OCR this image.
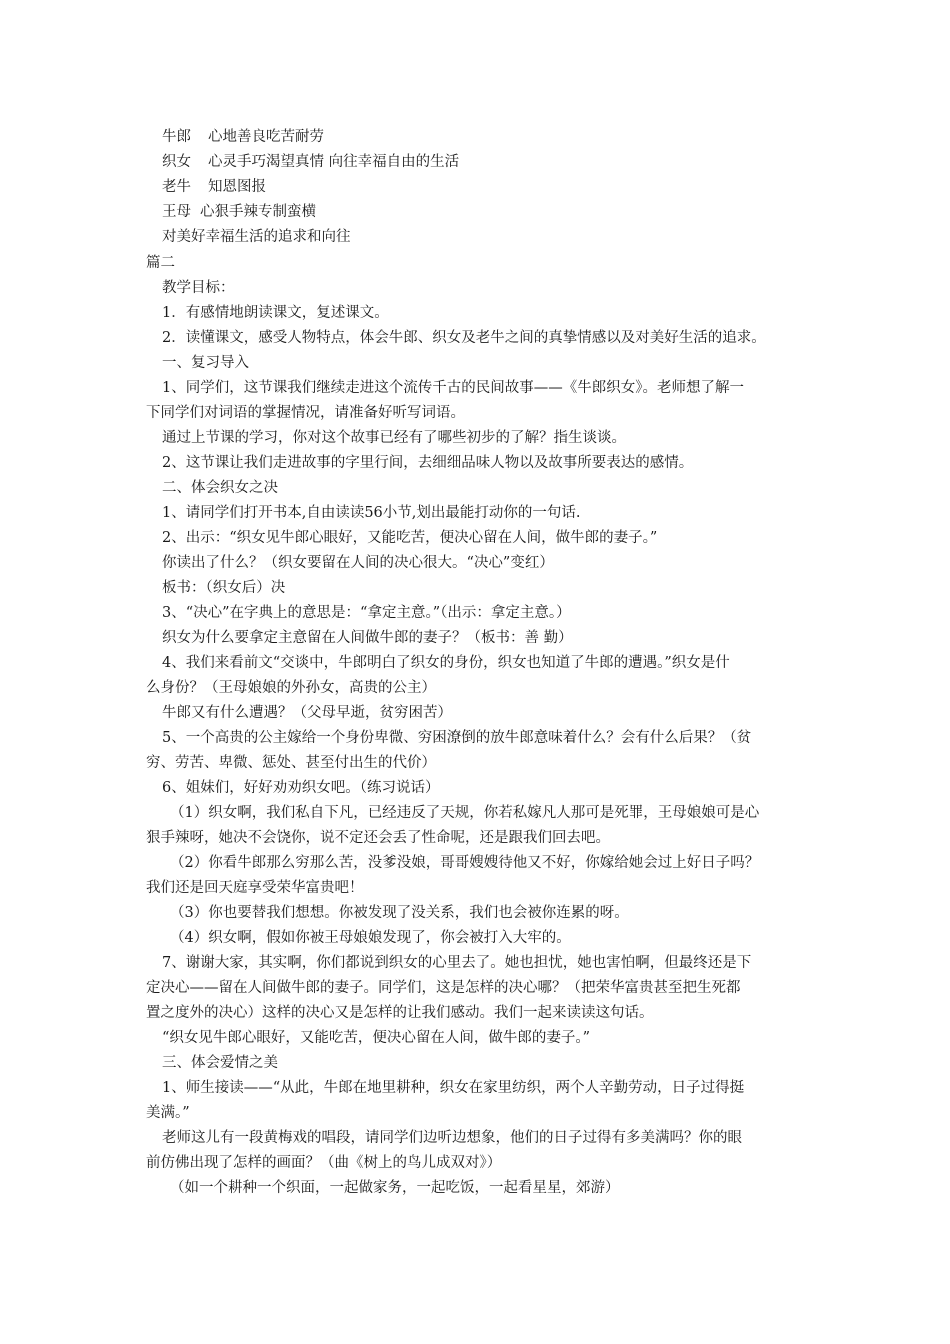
牛郎 心地善良吃苦耐劳
织女 心灵手巧渴望真情 向往幸福自由的生活
老牛 知恩图报
王母 心狠手辣专制蛮横
对美好幸福生活的追求和向往
篇二
教学目标：
1．有感情地朗读课文，复述课文。
2．读懂课文，感受人物特点，体会牛郎、织女及老牛之间的真挚情感以及对美好生活的追求。
一、复习导入
1、同学们，这节课我们继续走进这个流传千古的民间故事——《牛郎织女》。老师想了解一
下同学们对词语的掌握情况，请准备好听写词语。
通过上节课的学习，你对这个故事已经有了哪些初步的了解？指生谈谈。
2、这节课让我们走进故事的字里行间，去细细品味人物以及故事所要表达的感情。
二、体会织女之决
1、请同学们打开书本,自由读读56小节,划出最能打动你的一句话.
2、出示：“织女见牛郎心眼好，又能吃苦，便决心留在人间，做牛郎的妻子。”
你读出了什么？（织女要留在人间的决心很大。“决心”变红）
板书：（织女后）决
3、“决心”在字典上的意思是：“拿定主意。”（出示：拿定主意。）
织女为什么要拿定主意留在人间做牛郎的妻子？（板书：善 勤）
4、我们来看前文“交谈中，牛郎明白了织女的身份，织女也知道了牛郎的遭遇。”织女是什
么身份？（王母娘娘的外孙女，高贵的公主）
牛郎又有什么遭遇？（父母早逝，贫穷困苦）
5、一个高贵的公主嫁给一个身份卑微、穷困潦倒的放牛郎意味着什么？会有什么后果？（贫
穷、劳苦、卑微、惩处、甚至付出生的代价）
6、姐妹们，好好劝劝织女吧。（练习说话）
（1）织女啊，我们私自下凡，已经违反了天规，你若私嫁凡人那可是死罪，王母娘娘可是心
狠手辣呀，她决不会饶你，说不定还会丢了性命呢，还是跟我们回去吧。
（2）你看牛郎那么穷那么苦，没爹没娘，哥哥嫂嫂待他又不好，你嫁给她会过上好日子吗？
我们还是回天庭享受荣华富贵吧！
（3）你也要替我们想想。你被发现了没关系，我们也会被你连累的呀。
（4）织女啊，假如你被王母娘娘发现了，你会被打入大牢的。
7、谢谢大家，其实啊，你们都说到织女的心里去了。她也担忧，她也害怕啊，但最终还是下
定决心——留在人间做牛郎的妻子。同学们，这是怎样的决心哪？（把荣华富贵甚至把生死都
置之度外的决心）这样的决心又是怎样的让我们感动。我们一起来读读这句话。
“织女见牛郎心眼好，又能吃苦，便决心留在人间，做牛郎的妻子。”
三、体会爱情之美
1、师生接读——“从此，牛郎在地里耕种，织女在家里纺织，两个人辛勤劳动，日子过得挺
美满。”
老师这儿有一段黄梅戏的唱段，请同学们边听边想象，他们的日子过得有多美满吗？你的眼
前仿佛出现了怎样的画面？（曲《树上的鸟儿成双对》）
（如一个耕种一个织面，一起做家务，一起吃饭，一起看星星，郊游）
